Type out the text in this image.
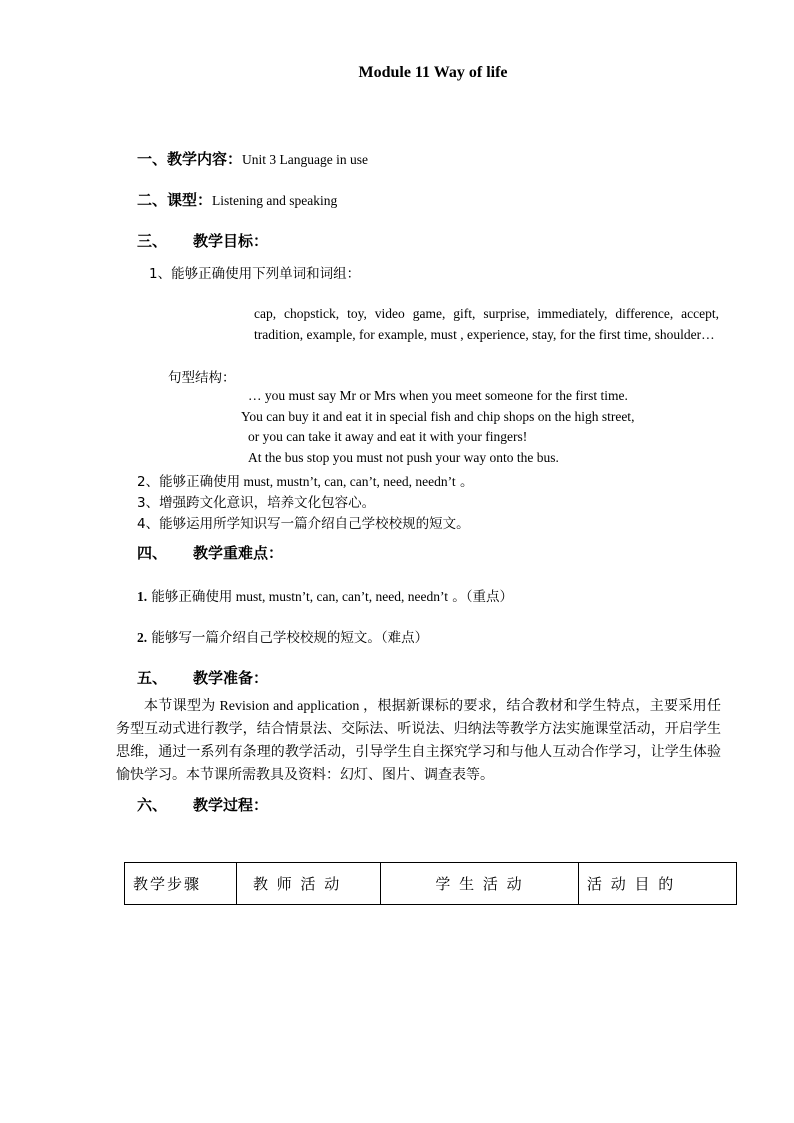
Module 11 Way of life
一、教学内容：Unit 3 Language in use
二、课型：Listening and speaking
三、 教学目标：
1、能够正确使用下列单词和词组：
cap, chopstick, toy, video game, gift, surprise, immediately, difference, accept, tradition, example, for example, must , experience, stay, for the first time, shoulder…
句型结构：
… you must say Mr or Mrs when you meet someone for the first time.
You can buy it and eat it in special fish and chip shops on the high street,
or you can take it away and eat it with your fingers!
At the bus stop you must not push your way onto the bus.
2、能够正确使用 must, mustn’t, can, can’t, need, needn’t 。
3、增强跨文化意识，培养文化包容心。
4、能够运用所学知识写一篇介绍自己学校校规的短文。
四、 教学重难点：
1. 能够正确使用 must, mustn’t, can, can’t, need, needn’t 。（重点）
2. 能够写一篇介绍自己学校校规的短文。（难点）
五、 教学准备：
本节课型为 Revision and application ，根据新课标的要求，结合教材和学生特点，主要采用任务型互动式进行教学，结合情景法、交际法、听说法、归纳法等教学方法实施课堂活动，开启学生思维，通过一系列有条理的教学活动，引导学生自主探究学习和与他人互动合作学习，让学生体验愉快学习。本节课所需教具及资料：幻灯、图片、调查表等。
六、 教学过程：
教学步骤	教 师 活 动	学 生 活 动	活 动 目 的
